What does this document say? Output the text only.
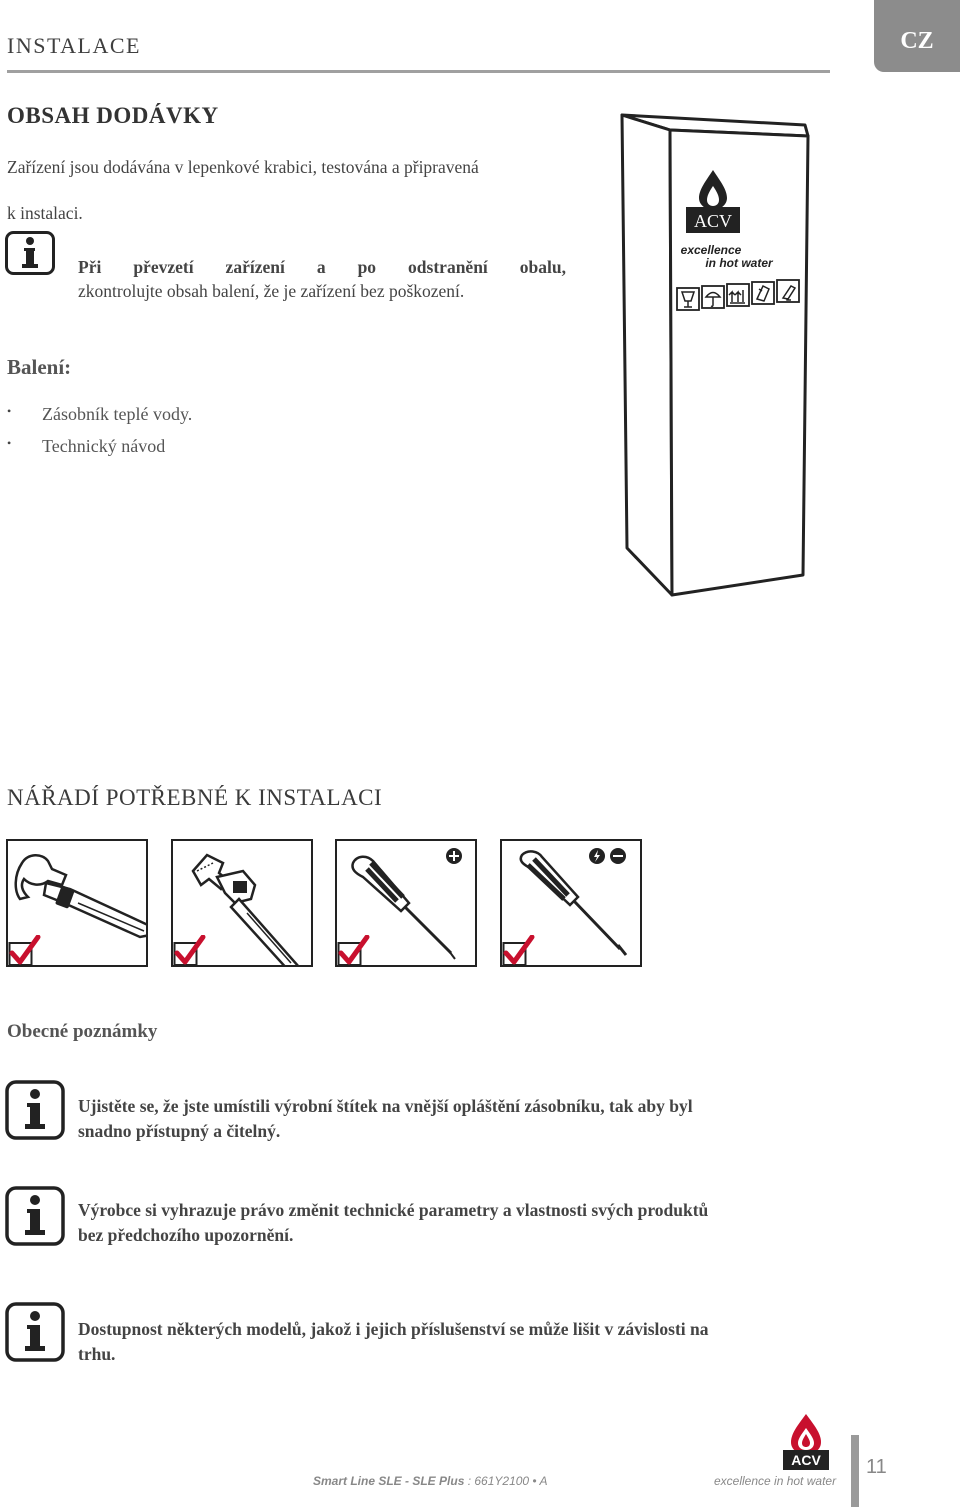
INSTALACE	CZ
OBSAH DODÁVKY
Zařízení jsou dodávána v lepenkové krabici, testována a připravená
k instalaci.
Při převzetí zařízení a po odstranění obalu,
zkontrolujte obsah balení, že je zařízení bez poškození.
Balení:
• Zásobník teplé vody.
• Technický návod
ACV
excellence
in hot water
NÁŘADÍ POTŘEBNÉ K INSTALACI
Obecné poznámky
Ujistěte se, že jste umístili výrobní štítek na vnější opláštění zásobníku, tak aby byl
snadno přístupný a čitelný.
Výrobce si vyhrazuje právo změnit technické parametry a vlastnosti svých produktů
bez předchozího upozornění.
Dostupnost některých modelů, jakož i jejich příslušenství se může lišit v závislosti na
trhu.
Smart Line SLE - SLE Plus : 661Y2100 • A
ACV
excellence in hot water
11
